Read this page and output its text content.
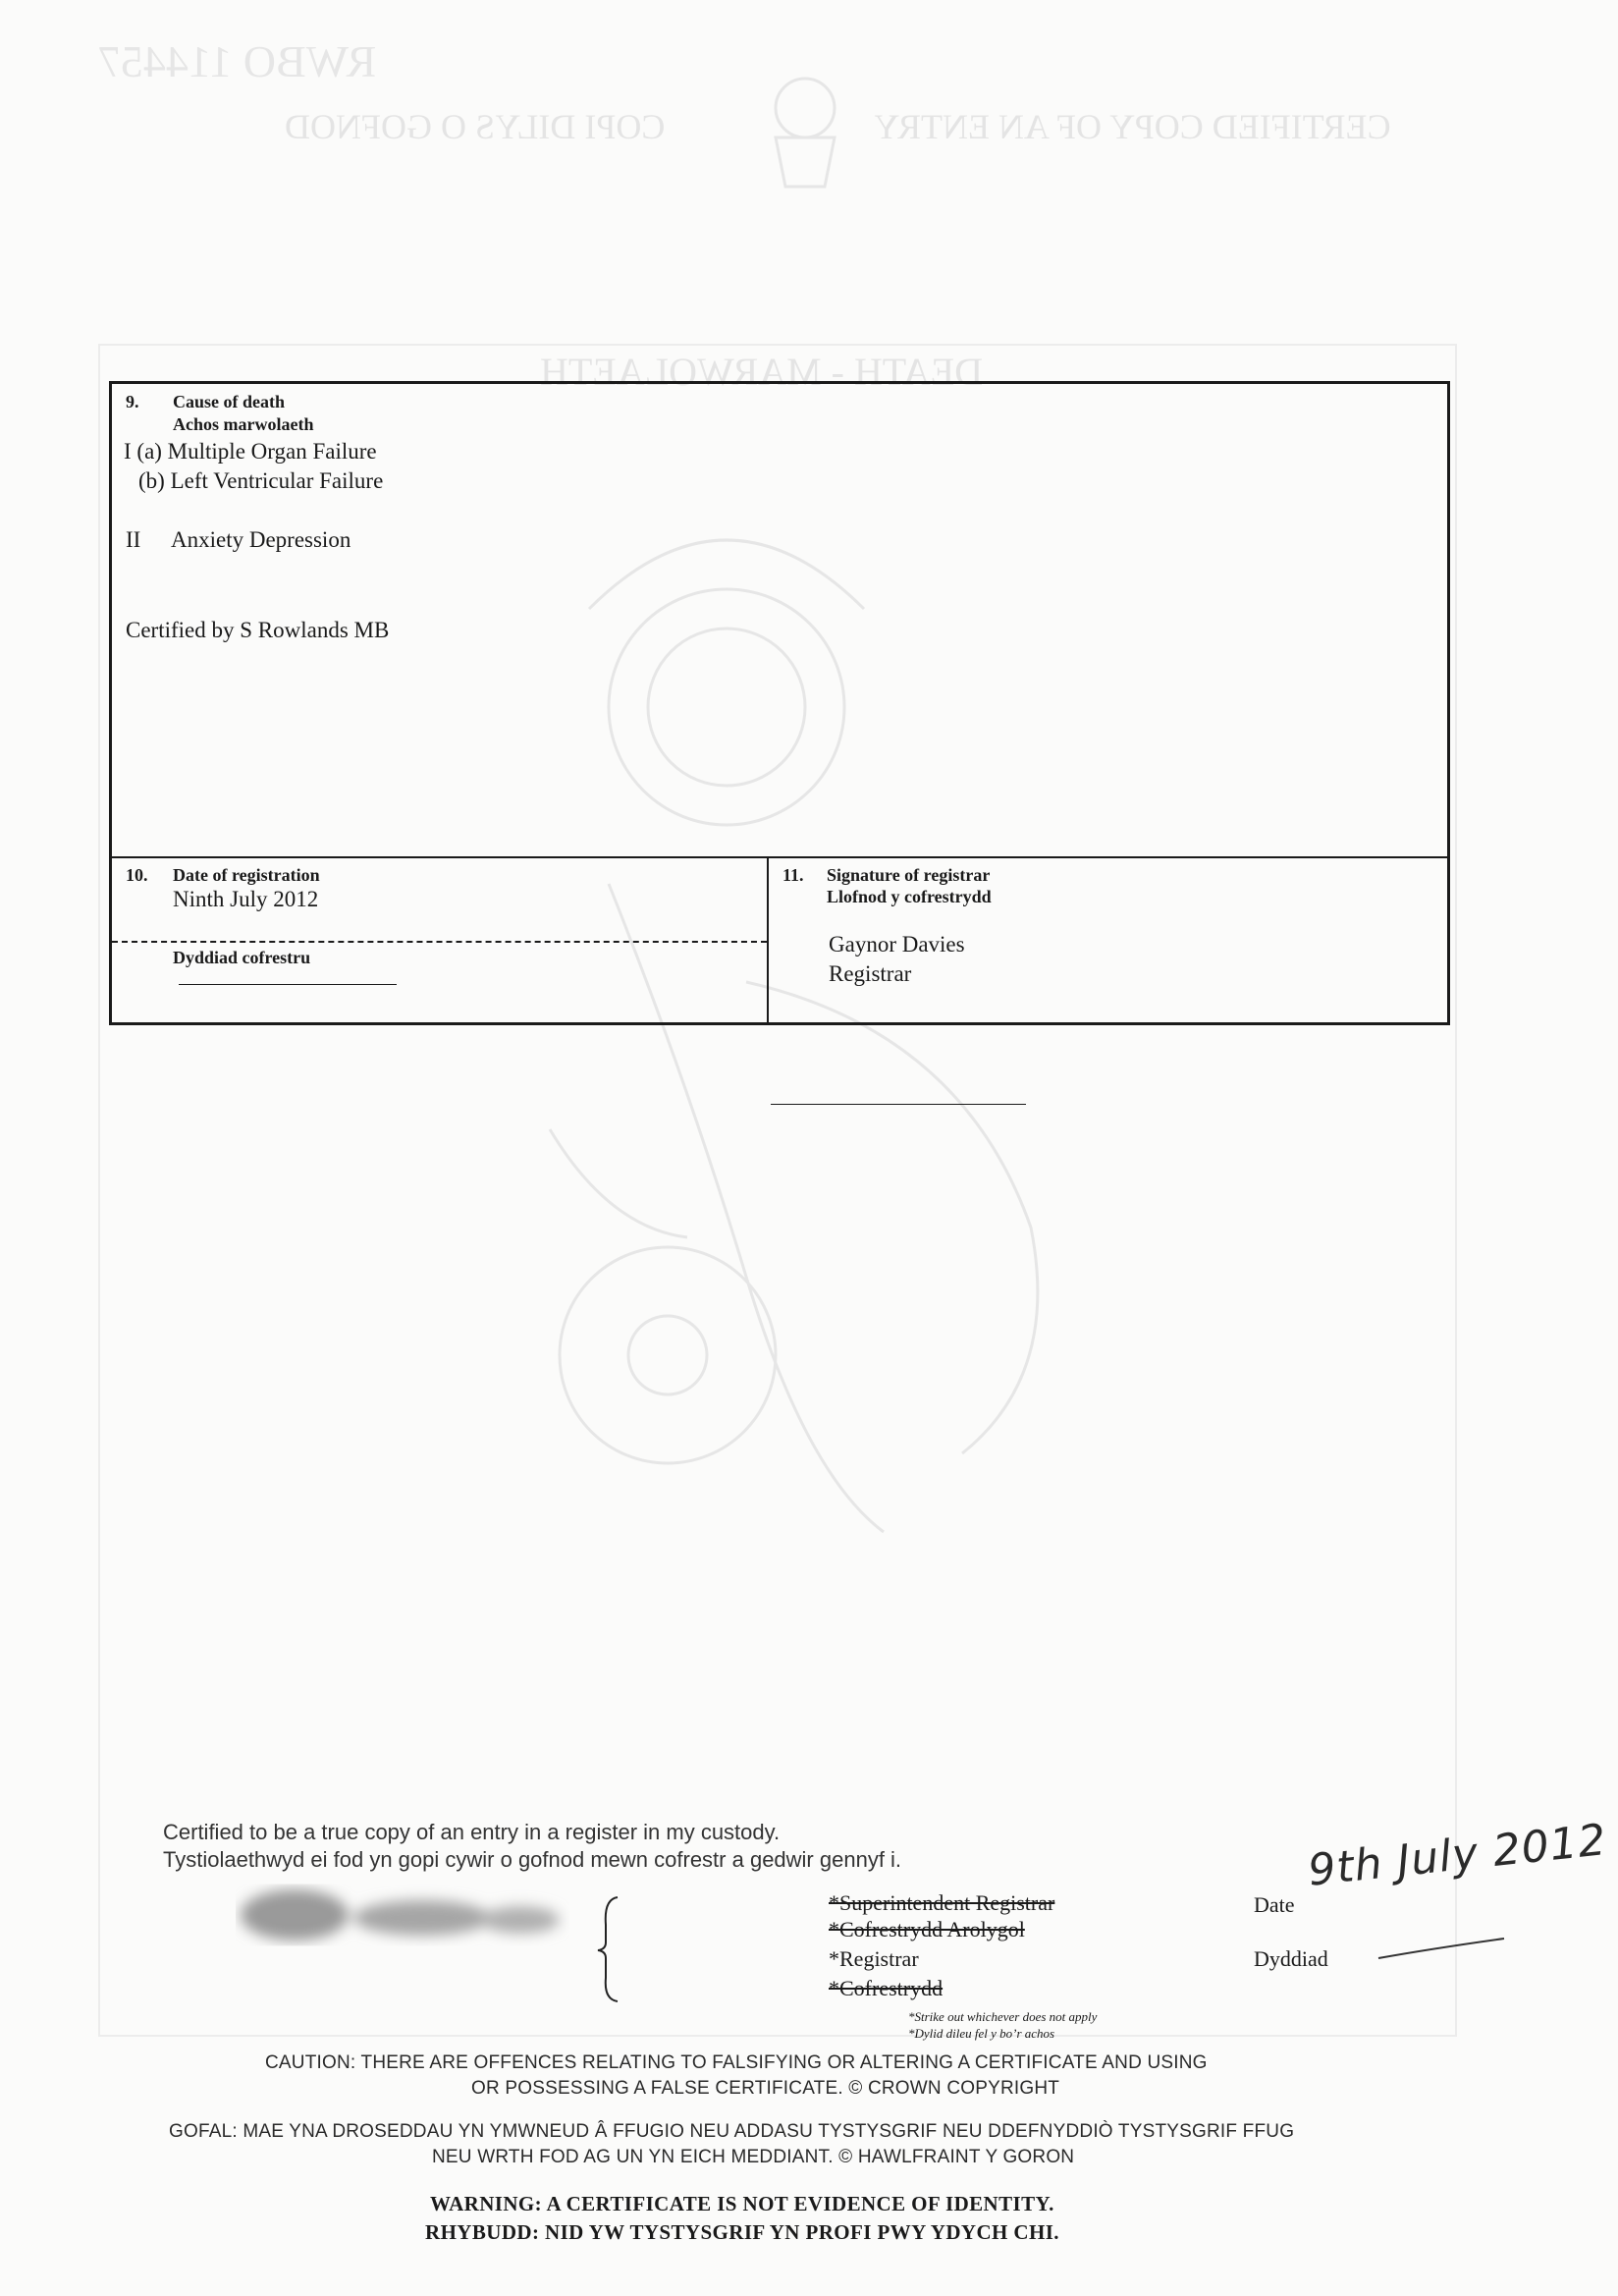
RWBO 114457
CERTIFIED COPY OF AN ENTRY
COPI DILYS O GOFNOD
DEATH - MARWOLAETH
9. Cause of death
Achos marwolaeth
I (a) Multiple Organ Failure
(b) Left Ventricular Failure
II Anxiety Depression
Certified by S Rowlands MB
10. Date of registration
Ninth July 2012
Dyddiad cofrestru
11. Signature of registrar
Llofnod y cofrestrydd
Gaynor Davies
Registrar
Certified to be a true copy of an entry in a register in my custody.
Tystiolaethwyd ei fod yn gopi cywir o gofnod mewn cofrestr a gedwir gennyf i.
*Superintendent Registrar
*Cofrestrydd Arolygol
*Registrar
*Cofrestrydd
*Strike out whichever does not apply
*Dylid dileu fel y bo’r achos
Date
Dyddiad
9th July 2012
CAUTION: THERE ARE OFFENCES RELATING TO FALSIFYING OR ALTERING A CERTIFICATE AND USING
OR POSSESSING A FALSE CERTIFICATE. © CROWN COPYRIGHT
GOFAL: MAE YNA DROSEDDAU YN YMWNEUD Â FFUGIO NEU ADDASU TYSTYSGRIF NEU DDEFNYDDIÒ TYSTYSGRIF FFUG
NEU WRTH FOD AG UN YN EICH MEDDIANT. © HAWLFRAINT Y GORON
WARNING: A CERTIFICATE IS NOT EVIDENCE OF IDENTITY.
RHYBUDD: NID YW TYSTYSGRIF YN PROFI PWY YDYCH CHI.
